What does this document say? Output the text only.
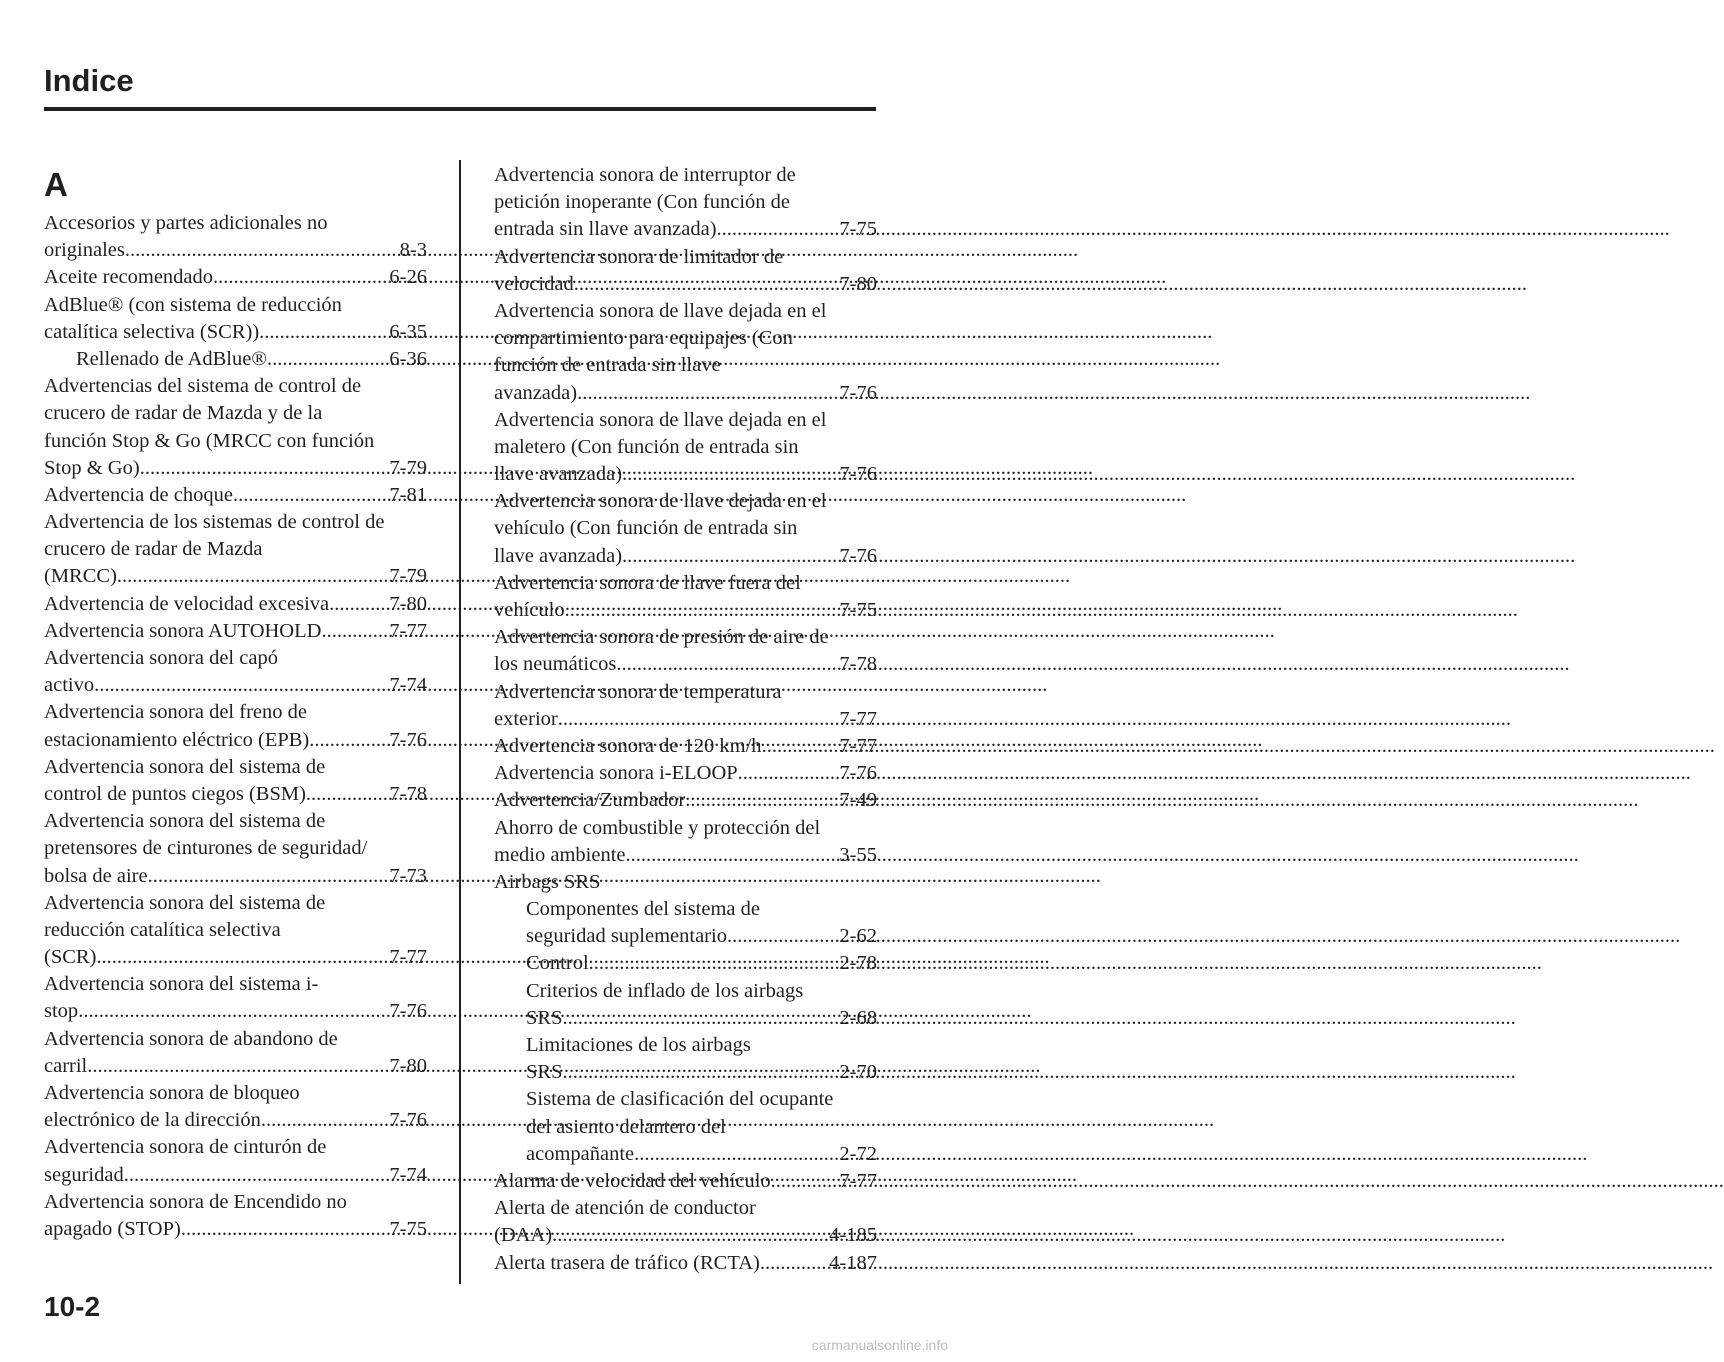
Indice
A
Accesorios y partes adicionales no
originales .....	8-3
Aceite recomendado .....	6-26
AdBlue® (con sistema de reducción
catalítica selectiva (SCR)) .....	6-35
Rellenado de AdBlue® .....	6-36
Advertencias del sistema de control de
crucero de radar de Mazda y de la
función Stop & Go (MRCC con función
Stop & Go) .....	7-79
Advertencia de choque .....	7-81
Advertencia de los sistemas de control de
crucero de radar de Mazda
(MRCC) .....	7-79
Advertencia de velocidad excesiva .....	7-80
Advertencia sonora AUTOHOLD .....	7-77
Advertencia sonora del capó
activo .....	7-74
Advertencia sonora del freno de
estacionamiento eléctrico (EPB) .....	7-76
Advertencia sonora del sistema de
control de puntos ciegos (BSM) .....	7-78
Advertencia sonora del sistema de
pretensores de cinturones de seguridad/
bolsa de aire .....	7-73
Advertencia sonora del sistema de
reducción catalítica selectiva
(SCR) .....	7-77
Advertencia sonora del sistema i-
stop .....	7-76
Advertencia sonora de abandono de
carril .....	7-80
Advertencia sonora de bloqueo
electrónico de la dirección .....	7-76
Advertencia sonora de cinturón de
seguridad .....	7-74
Advertencia sonora de Encendido no
apagado (STOP) .....	7-75
Advertencia sonora de interruptor de
petición inoperante (Con función de
entrada sin llave avanzada) .....	7-75
Advertencia sonora de limitador de
velocidad .....	7-80
Advertencia sonora de llave dejada en el
compartimiento para equipajes (Con
función de entrada sin llave
avanzada) .....	7-76
Advertencia sonora de llave dejada en el
maletero (Con función de entrada sin
llave avanzada) .....	7-76
Advertencia sonora de llave dejada en el
vehículo (Con función de entrada sin
llave avanzada) .....	7-76
Advertencia sonora de llave fuera del
vehículo .....	7-75
Advertencia sonora de presión de aire de
los neumáticos .....	7-78
Advertencia sonora de temperatura
exterior .....	7-77
Advertencia sonora de 120 km/h .....	7-77
Advertencia sonora i-ELOOP .....	7-76
Advertencia/Zumbador .....	7-49
Ahorro de combustible y protección del
medio ambiente .....	3-55
Airbags SRS
Componentes del sistema de
seguridad suplementario .....	2-62
Control .....	2-78
Criterios de inflado de los airbags
SRS .....	2-68
Limitaciones de los airbags
SRS .....	2-70
Sistema de clasificación del ocupante
del asiento delantero del
acompañante .....	2-72
Alarma de velocidad del vehículo .....	7-77
Alerta de atención de conductor
(DAA) .....	4-185
Alerta trasera de tráfico (RCTA) .....	4-187
10-2
carmanualsonline.info
